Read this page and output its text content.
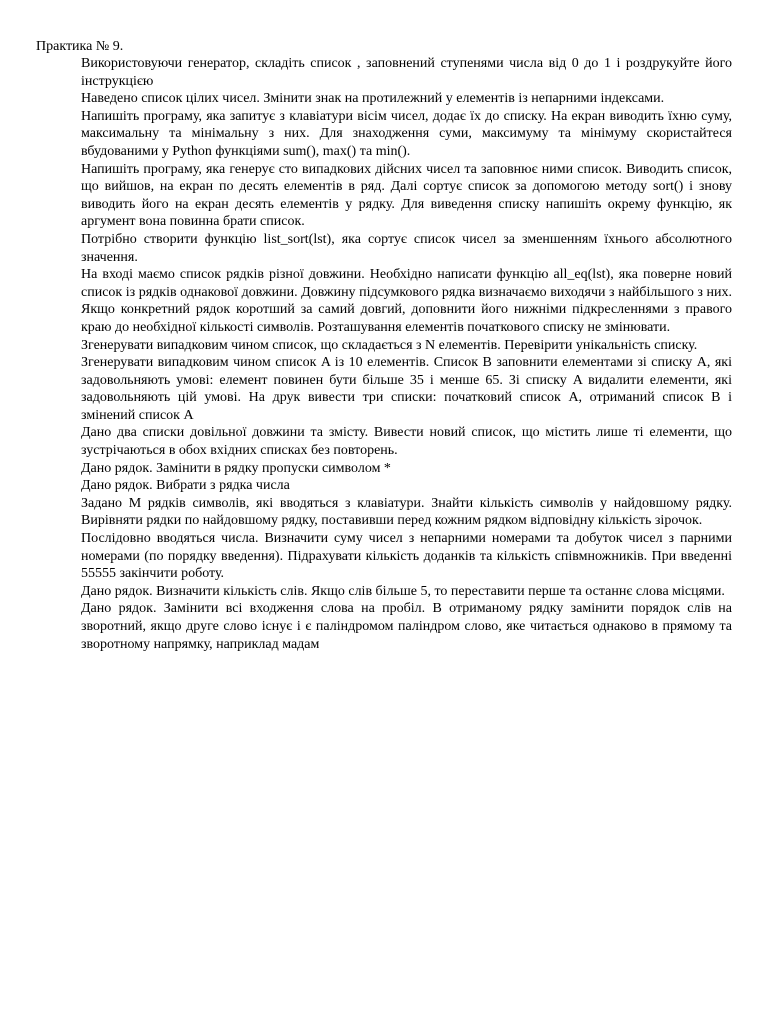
Практика № 9.

Використовуючи генератор, складіть список , заповнений ступенями числа від 0 до 1 і роздрукуйте його інструкцією

Наведено список цілих чисел. Змінити знак на протилежний у елементів із непарними індексами.

Напишіть програму, яка запитує з клавіатури вісім чисел, додає їх до списку. На екран виводить їхню суму, максимальну та мінімальну з них. Для знаходження суми, максимуму та мінімуму скористайтеся вбудованими у Python функціями sum(), max() та min().

Напишіть програму, яка генерує сто випадкових дійсних чисел та заповнює ними список. Виводить список, що вийшов, на екран по десять елементів в ряд. Далі сортує список за допомогою методу sort() і знову виводить його на екран десять елементів у рядку. Для виведення списку напишіть окрему функцію, як аргумент вона повинна брати список.

Потрібно створити функцію list_sort(lst), яка сортує список чисел за зменшенням їхнього абсолютного значення.

На вході маємо список рядків різної довжини. Необхідно написати функцію all_eq(lst), яка поверне новий список із рядків однакової довжини. Довжину підсумкового рядка визначаємо виходячи з найбільшого з них. Якщо конкретний рядок коротший за самий довгий, доповнити його нижніми підкресленнями з правого краю до необхідної кількості символів. Розташування елементів початкового списку не змінювати.

Згенерувати випадковим чином список, що складається з N елементів. Перевірити унікальність списку.

Згенерувати випадковим чином список A із 10 елементів. Список B заповнити елементами зі списку A, які задовольняють умові: елемент повинен бути більше 35 і менше 65. Зі списку A видалити елементи, які задовольняють цій умові. На друк вивести три списки: початковий список A, отриманий список B і змінений список A

Дано два списки довільної довжини та змісту. Вивести новий список, що містить лише ті елементи, що зустрічаються в обох вхідних списках без повторень.

Дано рядок. Замінити в рядку пропуски символом *

Дано рядок. Вибрати з рядка числа

Задано M рядків символів, які вводяться з клавіатури. Знайти кількість символів у найдовшому рядку. Вирівняти рядки по найдовшому рядку, поставивши перед кожним рядком відповідну кількість зірочок.

Послідовно вводяться числа. Визначити суму чисел з непарними номерами та добуток чисел з парними номерами (по порядку введення). Підрахувати кількість доданків та кількість співмножників. При введенні 55555 закінчити роботу.

Дано рядок. Визначити кількість слів. Якщо слів більше 5, то переставити перше та останнє слова місцями.

Дано рядок. Замінити всі входження слова на пробіл. В отриманому рядку замінити порядок слів на зворотний, якщо друге слово існує і є паліндромом паліндром слово, яке читається однаково в прямому та зворотному напрямку, наприклад мадам
